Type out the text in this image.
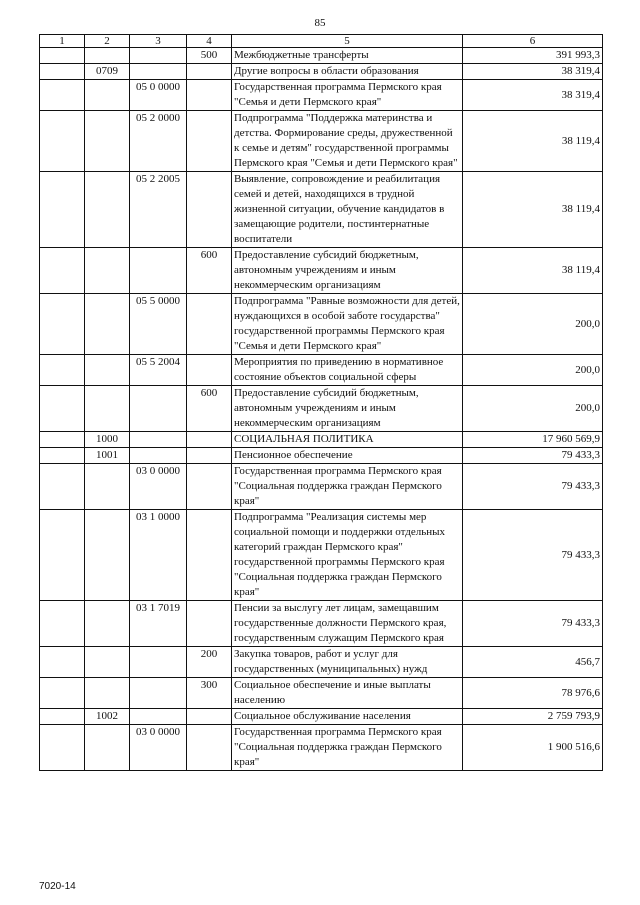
85
1	2	3	4	5	6
			500	Межбюджетные трансферты	391 993,3
	0709			Другие вопросы в области образования	38 319,4
		05 0 0000		Государственная программа Пермского края "Семья и дети Пермского края"	38 319,4
		05 2 0000		Подпрограмма "Поддержка материнства и детства. Формирование среды, дружественной к семье и детям" государственной программы Пермского края "Семья и дети Пермского края"	38 119,4
		05 2 2005		Выявление, сопровождение и реабилитация семей и детей, находящихся в трудной жизненной ситуации, обучение кандидатов в замещающие родители, постинтернатные воспитатели	38 119,4
			600	Предоставление субсидий бюджетным, автономным учреждениям и иным некоммерческим организациям	38 119,4
		05 5 0000		Подпрограмма "Равные возможности для детей, нуждающихся в особой заботе государства" государственной программы Пермского края "Семья и дети Пермского края"	200,0
		05 5 2004		Мероприятия по приведению в нормативное состояние объектов социальной сферы	200,0
			600	Предоставление субсидий бюджетным, автономным учреждениям и иным некоммерческим организациям	200,0
	1000			СОЦИАЛЬНАЯ ПОЛИТИКА	17 960 569,9
	1001			Пенсионное обеспечение	79 433,3
		03 0 0000		Государственная программа Пермского края "Социальная поддержка граждан Пермского края"	79 433,3
		03 1 0000		Подпрограмма "Реализация системы мер социальной помощи и поддержки отдельных категорий граждан Пермского края" государственной программы Пермского края "Социальная поддержка граждан Пермского края"	79 433,3
		03 1 7019		Пенсии за выслугу лет лицам, замещавшим государственные должности Пермского края, государственным служащим Пермского края	79 433,3
			200	Закупка товаров, работ и услуг для государственных (муниципальных) нужд	456,7
			300	Социальное обеспечение и иные выплаты населению	78 976,6
	1002			Социальное обслуживание населения	2 759 793,9
		03 0 0000		Государственная программа Пермского края "Социальная поддержка граждан Пермского края"	1 900 516,6
7020-14
